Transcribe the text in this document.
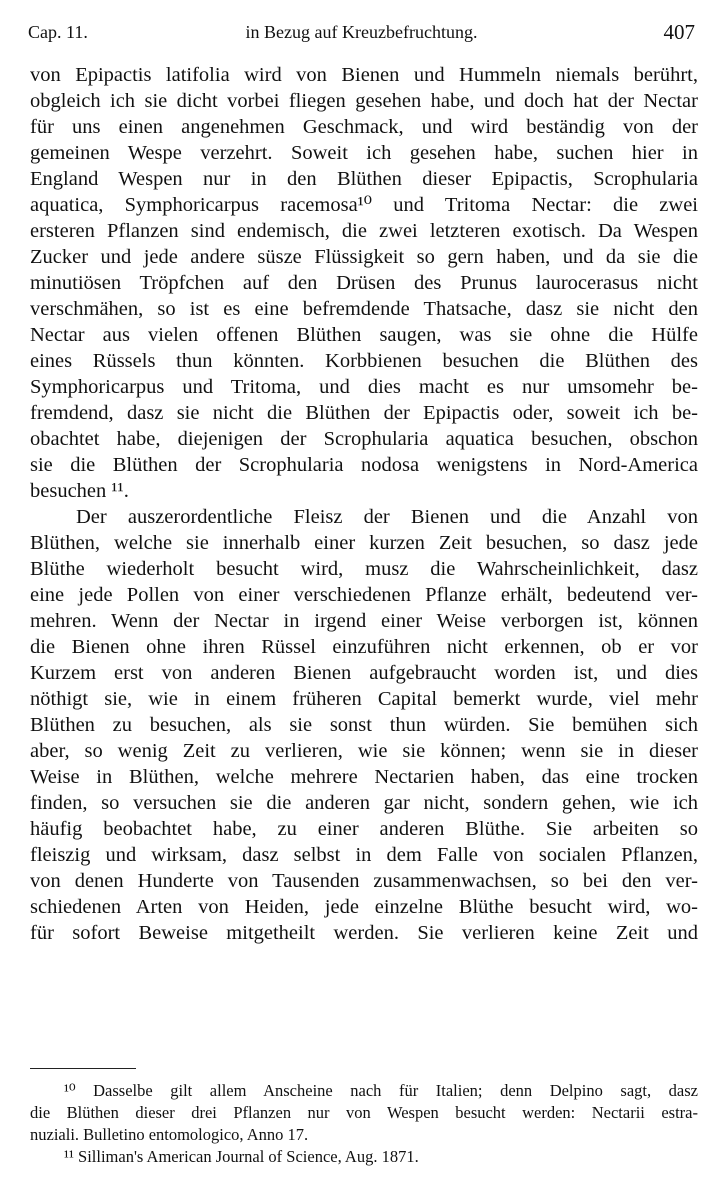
Cap. 11.	in Bezug auf Kreuzbefruchtung.	407
von Epipactis latifolia wird von Bienen und Hummeln niemals berührt,
obgleich ich sie dicht vorbei fliegen gesehen habe, und doch hat der Nectar
für uns einen angenehmen Geschmack, und wird beständig von der
gemeinen Wespe verzehrt. Soweit ich gesehen habe, suchen hier in
England Wespen nur in den Blüthen dieser Epipactis, Scrophularia
aquatica, Symphoricarpus racemosa¹⁰ und Tritoma Nectar: die zwei
ersteren Pflanzen sind endemisch, die zwei letzteren exotisch. Da Wespen
Zucker und jede andere süsze Flüssigkeit so gern haben, und da sie die
minutiösen Tröpfchen auf den Drüsen des Prunus laurocerasus nicht
verschmähen, so ist es eine befremdende Thatsache, dasz sie nicht den
Nectar aus vielen offenen Blüthen saugen, was sie ohne die Hülfe
eines Rüssels thun könnten. Korbbienen besuchen die Blüthen des
Symphoricarpus und Tritoma, und dies macht es nur umsomehr be-
fremdend, dasz sie nicht die Blüthen der Epipactis oder, soweit ich be-
obachtet habe, diejenigen der Scrophularia aquatica besuchen, obschon
sie die Blüthen der Scrophularia nodosa wenigstens in Nord-America
besuchen ¹¹.
Der auszerordentliche Fleisz der Bienen und die Anzahl von
Blüthen, welche sie innerhalb einer kurzen Zeit besuchen, so dasz jede
Blüthe wiederholt besucht wird, musz die Wahrscheinlichkeit, dasz
eine jede Pollen von einer verschiedenen Pflanze erhält, bedeutend ver-
mehren. Wenn der Nectar in irgend einer Weise verborgen ist, können
die Bienen ohne ihren Rüssel einzuführen nicht erkennen, ob er vor
Kurzem erst von anderen Bienen aufgebraucht worden ist, und dies
nöthigt sie, wie in einem früheren Capital bemerkt wurde, viel mehr
Blüthen zu besuchen, als sie sonst thun würden. Sie bemühen sich
aber, so wenig Zeit zu verlieren, wie sie können; wenn sie in dieser
Weise in Blüthen, welche mehrere Nectarien haben, das eine trocken
finden, so versuchen sie die anderen gar nicht, sondern gehen, wie ich
häufig beobachtet habe, zu einer anderen Blüthe. Sie arbeiten so
fleiszig und wirksam, dasz selbst in dem Falle von socialen Pflanzen,
von denen Hunderte von Tausenden zusammenwachsen, so bei den ver-
schiedenen Arten von Heiden, jede einzelne Blüthe besucht wird, wo-
für sofort Beweise mitgetheilt werden. Sie verlieren keine Zeit und
¹⁰ Dasselbe gilt allem Anscheine nach für Italien; denn Delpino sagt, dasz
die Blüthen dieser drei Pflanzen nur von Wespen besucht werden: Nectarii estra-
nuziali. Bulletino entomologico, Anno 17.
¹¹ Silliman's American Journal of Science, Aug. 1871.
